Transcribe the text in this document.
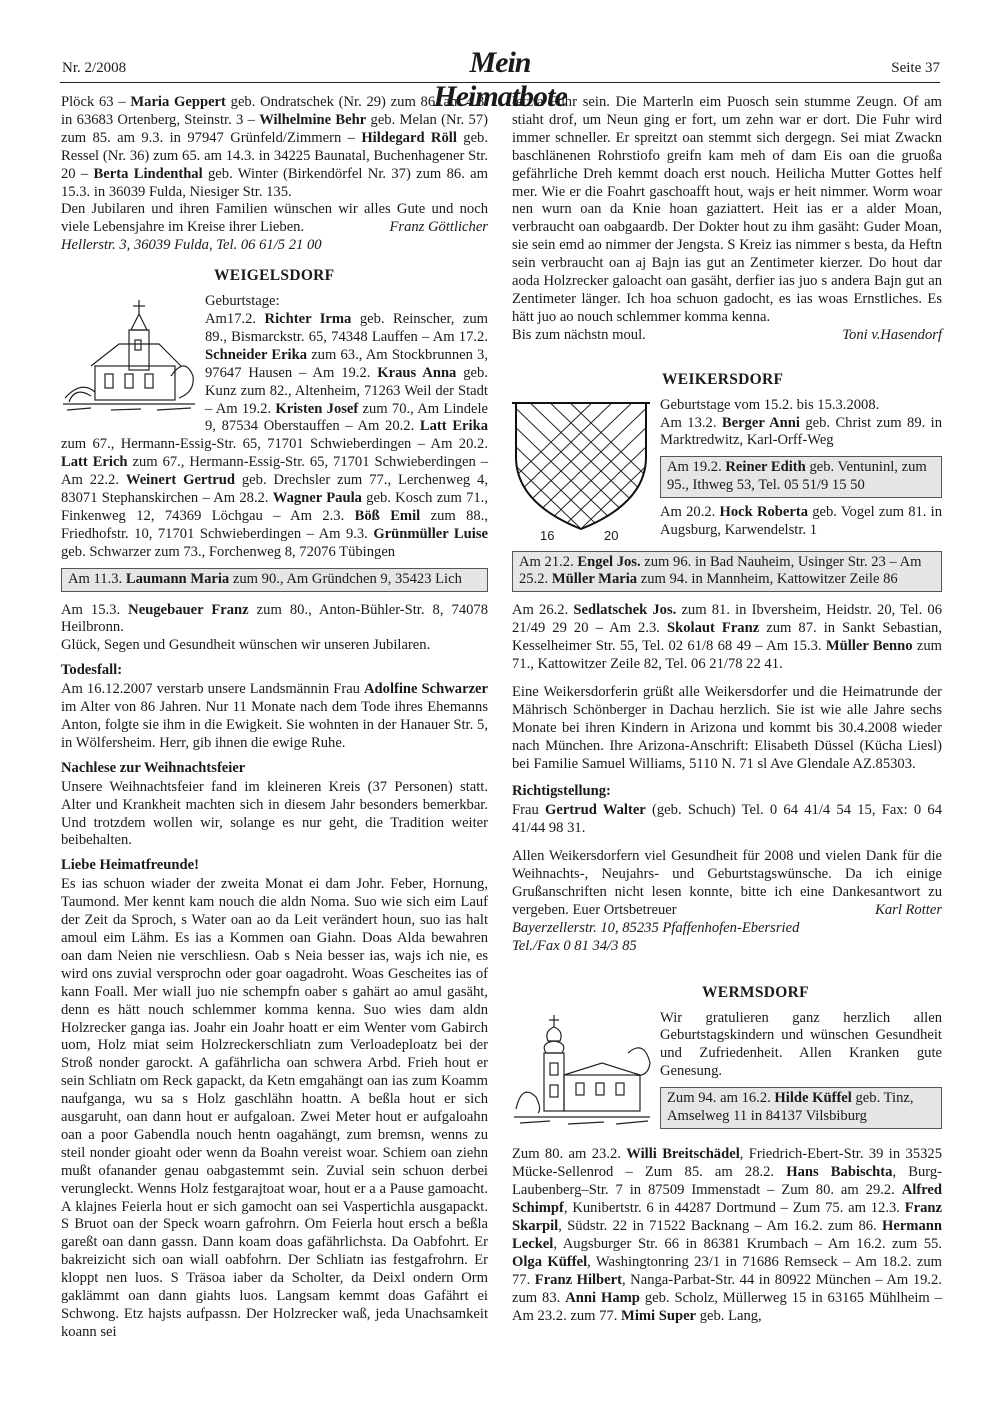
Nr. 2/2008	Mein Heimatbote
Seite 37

Plöck 63 – Maria Geppert geb. Ondratschek (Nr. 29) zum 86. am 4.3. in 63683 Ortenberg, Steinstr. 3 – Wilhelmine Behr geb. Melan (Nr. 57) zum 85. am 9.3. in 97947 Grünfeld/Zimmern – Hildegard Röll geb. Ressel (Nr. 36) zum 65. am 14.3. in 34225 Baunatal, Buchenhagener Str. 20 – Berta Lindenthal geb. Winter (Birkendörfel Nr. 37) zum 86. am 15.3. in 36039 Fulda, Niesiger Str. 135.

Den Jubilaren und ihren Familien wünschen wir alles Gute und noch viele Lebensjahre im Kreise ihrer Lieben.	Franz Göttlicher

Hellerstr. 3, 36039 Fulda, Tel. 06 61/5 21 00

WEIGELSDORF

Geburtstage:

Am17.2. Richter Irma geb. Reinscher, zum 89., Bismarckstr. 65, 74348 Lauffen – Am 17.2. Schneider Erika zum 63., Am Stockbrunnen 3, 97647 Hausen – Am 19.2. Kraus Anna geb. Kunz zum 82., Altenheim, 71263 Weil der Stadt – Am 19.2. Kristen Josef zum 70., Am Lindele 9, 87534 Oberstauffen – Am 20.2. Latt Erika zum 67., Hermann-Essig-Str. 65, 71701 Schwieberdingen – Am 20.2. Latt Erich zum 67., Hermann-Essig-Str. 65, 71701 Schwieberdingen – Am 22.2. Weinert Gertrud geb. Drechsler zum 77., Lerchenweg 4, 83071 Stephanskirchen – Am 28.2. Wagner Paula geb. Kosch zum 71., Finkenweg 12, 74369 Löchgau – Am 2.3. Böß Emil zum 88., Friedhofstr. 10, 71701 Schwieberdingen – Am 9.3. Grünmüller Luise geb. Schwarzer zum 73., Forchenweg 8, 72076 Tübingen

Am 11.3. Laumann Maria zum 90., Am Gründchen 9, 35423 Lich

Am 15.3. Neugebauer Franz zum 80., Anton-Bühler-Str. 8, 74078 Heilbronn.

Glück, Segen und Gesundheit wünschen wir unseren Jubilaren.

Todesfall:

Am 16.12.2007 verstarb unsere Landsmännin Frau Adolfine Schwarzer im Alter von 86 Jahren. Nur 11 Monate nach dem Tode ihres Ehemanns Anton, folgte sie ihm in die Ewigkeit. Sie wohnten in der Hanauer Str. 5, in Wölfersheim. Herr, gib ihnen die ewige Ruhe.

Nachlese zur Weihnachtsfeier

Unsere Weihnachtsfeier fand im kleineren Kreis (37 Personen) statt. Alter und Krankheit machten sich in diesem Jahr besonders bemerkbar. Und trotzdem wollen wir, solange es nur geht, die Tradition weiter beibehalten.

Liebe Heimatfreunde!

Es ias schuon wiader der zweita Monat ei dam Johr. Feber, Hornung, Taumond. Mer kennt kam nouch die aldn Noma. Suo wie sich eim Lauf der Zeit da Sproch, s Water oan ao da Leit verändert houn, suo ias halt amoul eim Lähm. Es ias a Kommen oan Giahn. Doas Alda bewahren oan dam Neien nie verschliesn. Oab s Neia besser ias, wajs ich nie, es wird ons zuvial versprochn oder goar oagadroht. Woas Gescheites ias of kann Foall. Mer wiall juo nie schempfn oaber s gahärt ao amul gasäht, denn es hätt nouch schlemmer komma kenna. Suo wies dam aldn Holzrecker ganga ias. Joahr ein Joahr hoatt er eim Wenter vom Gabirch uom, Holz miat seim Holzreckerschliatn zum Verloadeploatz bei der Stroß nonder garockt. A gafährlicha oan schwera Arbd. Frieh hout er sein Schliatn om Reck gapackt, da Ketn emgahängt oan ias zum Koamm naufganga, wu sa s Holz gaschlähn hoattn. A beßla hout er sich ausgaruht, oan dann hout er aufgaloan. Zwei Meter hout er aufgaloahn oan a poor Gabendla nouch hentn oagahängt, zum bremsn, wenns zu steil nonder gioaht oder wenn da Boahn vereist woar. Schiem oan ziehn mußt ofanander genau oabgastemmt sein. Zuvial sein schuon derbei verungleckt. Wenns Holz festgarajtoat woar, hout er a a Pause gamoacht. A klajnes Feierla hout er sich gamocht oan sei Vaspertichla ausgapackt. S Bruot oan der Speck woarn gafrohrn. Om Feierla hout ersch a beßla gareßt oan dann gassn. Dann koam doas gafährlichsta. Da Oabfohrt. Er bakreizicht sich oan wiall oabfohrn. Der Schliatn ias festgafrohrn. Er kloppt nen luos. S Träsoa iaber da Scholter, da Deixl ondern Orm gaklämmt oan dann giahts luos. Langsam kemmt doas Gafährt ei Schwong. Etz hajsts aufpassn. Der Holzrecker waß, jeda Unachsamkeit koann sei

letzta Fuhr sein. Die Marterln eim Puosch sein stumme Zeugn. Of am stiaht drof, um Neun ging er fort, um zehn war er dort. Die Fuhr wird immer schneller. Er spreitzt oan stemmt sich dergegn. Sei miat Zwackn baschlänenen Rohrstiofo greifn kam meh of dam Eis oan die gruoßa gefährliche Dreh kemmt doach erst nouch. Heilicha Mutter Gottes helf mer. Wie er die Foahrt gaschoafft hout, wajs er heit nimmer. Worm woar nen wurn oan da Knie hoan gaziattert. Heit ias er a alder Moan, verbraucht oan oabgaardb. Der Dokter hout zu ihm gasäht: Guder Moan, sie sein emd ao nimmer der Jengsta. S Kreiz ias nimmer s besta, da Heftn sein verbraucht oan aj Bajn ias gut an Zentimeter kierzer. Do hout dar aoda Holzrecker galoacht oan gasäht, derfier ias juo s andera Bajn gut an Zentimeter länger. Ich hoa schuon gadocht, es ias woas Ernstliches. Es hätt juo ao nouch schlemmer komma kenna.

Bis zum nächstn moul.	Toni v.Hasendorf

WEIKERSDORF
16	20

Geburtstage vom 15.2. bis 15.3.2008.

Am 13.2. Berger Anni geb. Christ zum 89. in Marktredwitz, Karl-Orff-Weg

Am 19.2. Reiner Edith geb. Ventuninl, zum 95., Ithweg 53, Tel. 05 51/9 15 50

Am 20.2. Hock Roberta geb. Vogel zum 81. in Augsburg, Karwendelstr. 1

Am 21.2. Engel Jos. zum 96. in Bad Nauheim, Usinger Str. 23 – Am 25.2. Müller Maria zum 94. in Mannheim, Kattowitzer Zeile 86

Am 26.2. Sedlatschek Jos. zum 81. in Ibversheim, Heidstr. 20, Tel. 06 21/49 29 20 – Am 2.3. Skolaut Franz zum 87. in Sankt Sebastian, Kesselheimer Str. 55, Tel. 02 61/8 68 49 – Am 15.3. Müller Benno zum 71., Kattowitzer Zeile 82, Tel. 06 21/78 22 41.

Eine Weikersdorferin grüßt alle Weikersdorfer und die Heimatrunde der Mährisch Schönberger in Dachau herzlich. Sie ist wie alle Jahre sechs Monate bei ihren Kindern in Arizona und kommt bis 30.4.2008 wieder nach München. Ihre Arizona-Anschrift: Elisabeth Düssel (Kücha Liesl) bei Familie Samuel Williams, 5110 N. 71 sl Ave Glendale AZ.85303.

Richtigstellung:

Frau Gertrud Walter (geb. Schuch) Tel. 0 64 41/4 54 15, Fax: 0 64 41/44 98 31.

Allen Weikersdorfern viel Gesundheit für 2008 und vielen Dank für die Weihnachts-, Neujahrs- und Geburtstagswünsche. Da ich einige Grußanschriften nicht lesen konnte, bitte ich eine Dankesantwort zu vergeben. Euer Ortsbetreuer	Karl Rotter

Bayerzellerstr. 10, 85235 Pfaffenhofen-Ebersried

Tel./Fax 0 81 34/3 85

WERMSDORF

Wir gratulieren ganz herzlich allen Geburtstagskindern und wünschen Gesundheit und Zufriedenheit. Allen Kranken gute Genesung.

Zum 94. am 16.2. Hilde Küffel geb. Tinz, Amselweg 11 in 84137 Vilsbiburg

Zum 80. am 23.2. Willi Breitschädel, Friedrich-Ebert-Str. 39 in 35325 Mücke-Sellenrod – Zum 85. am 28.2. Hans Babischta, Burg-Laubenberg–Str. 7 in 87509 Immenstadt – Zum 80. am 29.2. Alfred Schimpf, Kunibertstr. 6 in 44287 Dortmund – Zum 75. am 12.3. Franz Skarpil, Südstr. 22 in 71522 Backnang – Am 16.2. zum 86. Hermann Leckel, Augsburger Str. 66 in 86381 Krumbach – Am 16.2. zum 55. Olga Küffel, Washingtonring 23/1 in 71686 Remseck – Am 18.2. zum 77. Franz Hilbert, Nanga-Parbat-Str. 44 in 80922 München – Am 19.2. zum 83. Anni Hamp geb. Scholz, Müllerweg 15 in 63165 Mühlheim – Am 23.2. zum 77. Mimi Super geb. Lang,
